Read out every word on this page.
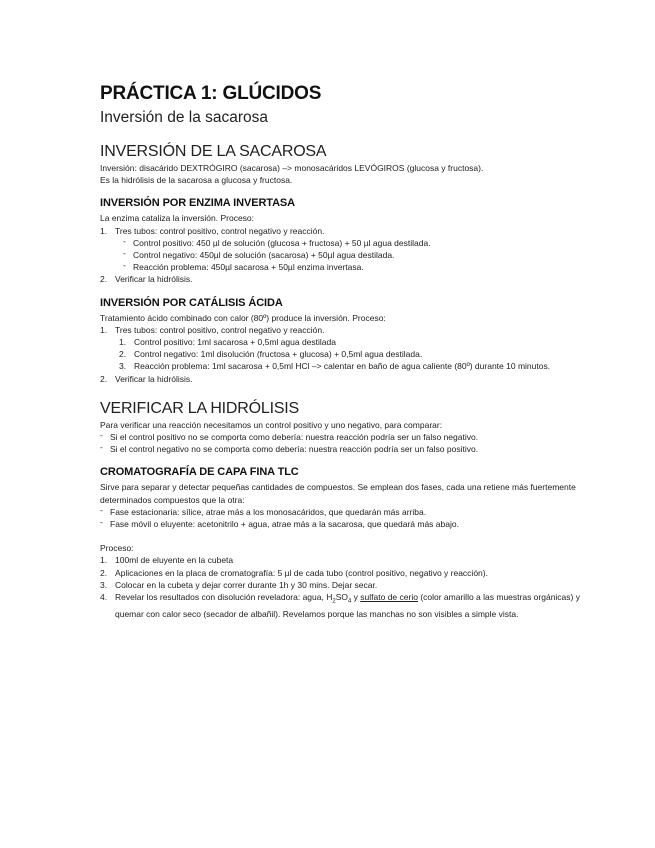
PRÁCTICA 1: GLÚCIDOS
Inversión de la sacarosa
INVERSIÓN DE LA SACAROSA

Inversión: disacárido DEXTRÓGIRO (sacarosa) –> monosacáridos LEVÓGIROS (glucosa y fructosa).

Es la hidrólisis de la sacarosa a glucosa y fructosa.

INVERSIÓN POR ENZIMA INVERTASA

La enzima cataliza la inversión. Proceso:

1. Tres tubos: control positivo, control negativo y reacción.
- Control positivo: 450 µl de solución (glucosa + fructosa) + 50 µl agua destilada.
- Control negativo: 450µl de solución (sacarosa) + 50µl agua destilada.
- Reacción problema: 450µl sacarosa + 50µl enzima invertasa.
2. Verificar la hidrólisis.
INVERSIÓN POR CATÁLISIS ÁCIDA

Tratamiento ácido combinado con calor (80º) produce la inversión. Proceso:

1. Tres tubos: control positivo, control negativo y reacción.
1. Control positivo: 1ml sacarosa + 0,5ml agua destilada
2. Control negativo: 1ml disolución (fructosa + glucosa) + 0,5ml agua destilada.
3. Reacción problema: 1ml sacarosa + 0,5ml HCl –> calentar en baño de agua caliente (80º) durante 10 minutos.
2. Verificar la hidrólisis.
VERIFICAR LA HIDRÓLISIS

Para verificar una reacción necesitamos un control positivo y uno negativo, para comparar:

- Si el control positivo no se comporta como debería: nuestra reacción podría ser un falso negativo.
- Si el control negativo no se comporta como debería: nuestra reacción podría ser un falso positivo.
CROMATOGRAFÍA DE CAPA FINA TLC

Sirve para separar y detectar pequeñas cantidades de compuestos. Se emplean dos fases, cada una retiene más fuertemente determinados compuestos que la otra:

- Fase estacionaria: sílice, atrae más a los monosacáridos, que quedarán más arriba.
- Fase móvil o eluyente: acetonitrilo + agua, atrae más a la sacarosa, que quedará más abajo.

Proceso:

1. 100ml de eluyente en la cubeta
2. Aplicaciones en la placa de cromatografía: 5 µl de cada tubo (control positivo, negativo y reacción).
3. Colocar en la cubeta y dejar correr durante 1h y 30 mins. Dejar secar.
4. Revelar los resultados con disolución reveladora: agua, $H_2SO_4$ y sulfato de cerio (color amarillo a las muestras orgánicas) y quemar con calor seco (secador de albañil). Revelamos porque las manchas no son visibles a simple vista.
